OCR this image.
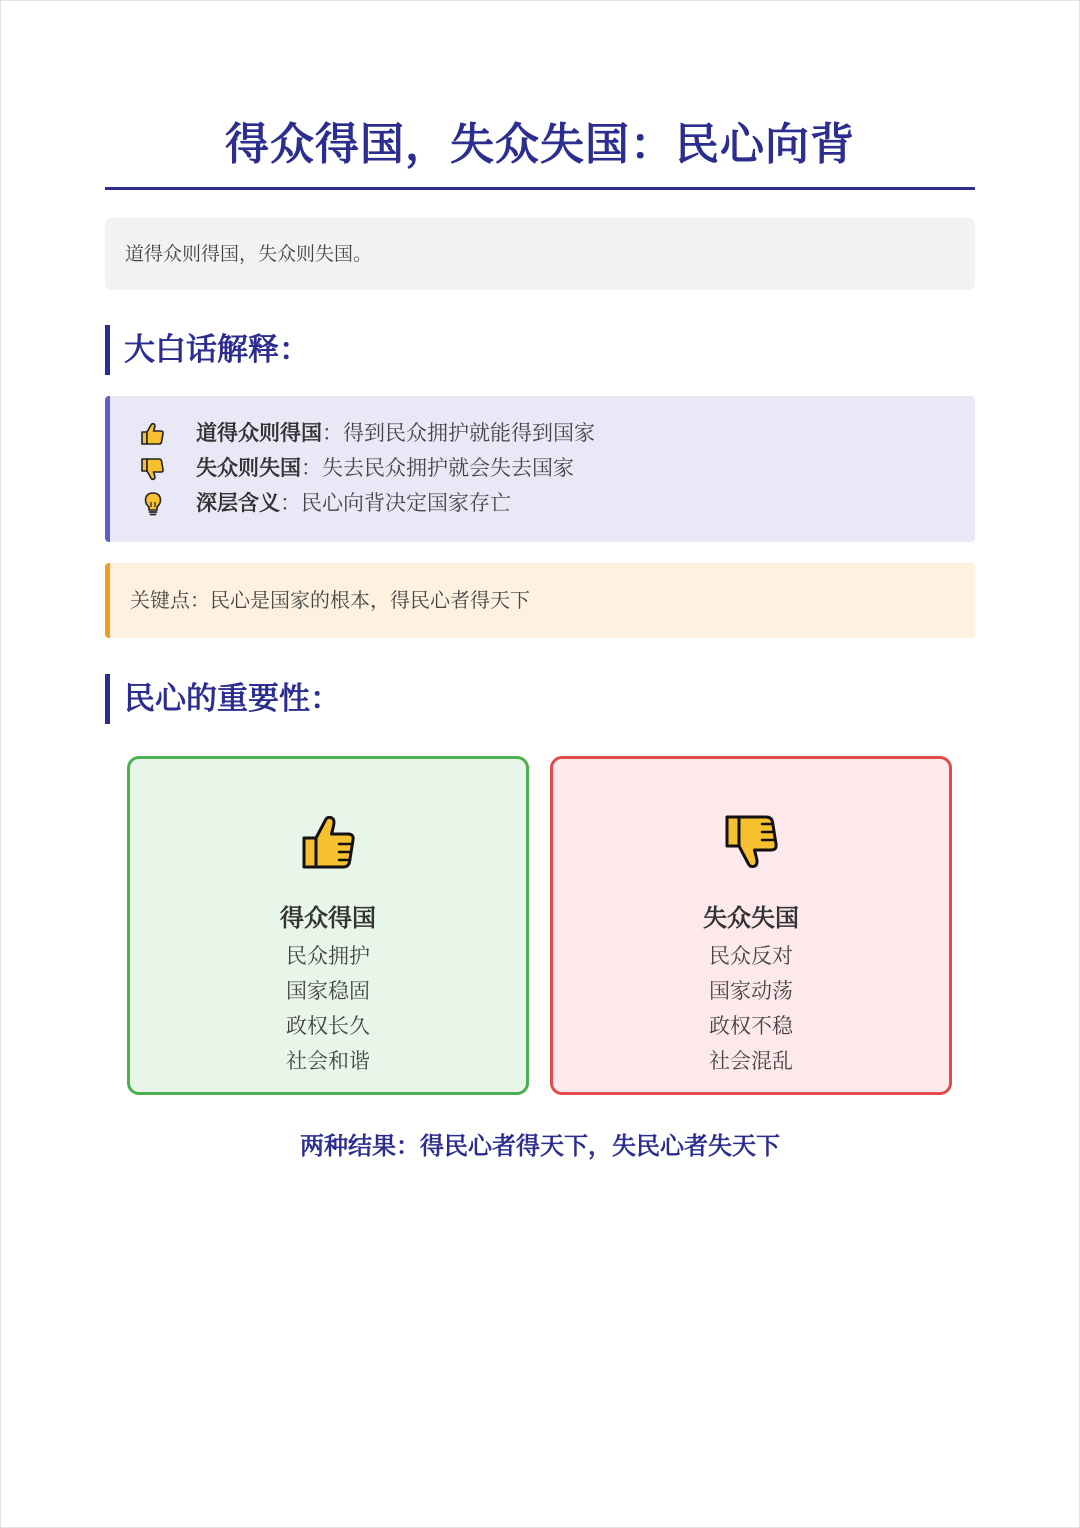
得众得国，失众失国：民心向背
道得众则得国，失众则失国。
大白话解释：
道得众则得国：得到民众拥护就能得到国家
失众则失国：失去民众拥护就会失去国家
深层含义：民心向背决定国家存亡
关键点：民心是国家的根本，得民心者得天下
民心的重要性：
得众得国
民众拥护
国家稳固
政权长久
社会和谐
失众失国
民众反对
国家动荡
政权不稳
社会混乱
两种结果：得民心者得天下，失民心者失天下
